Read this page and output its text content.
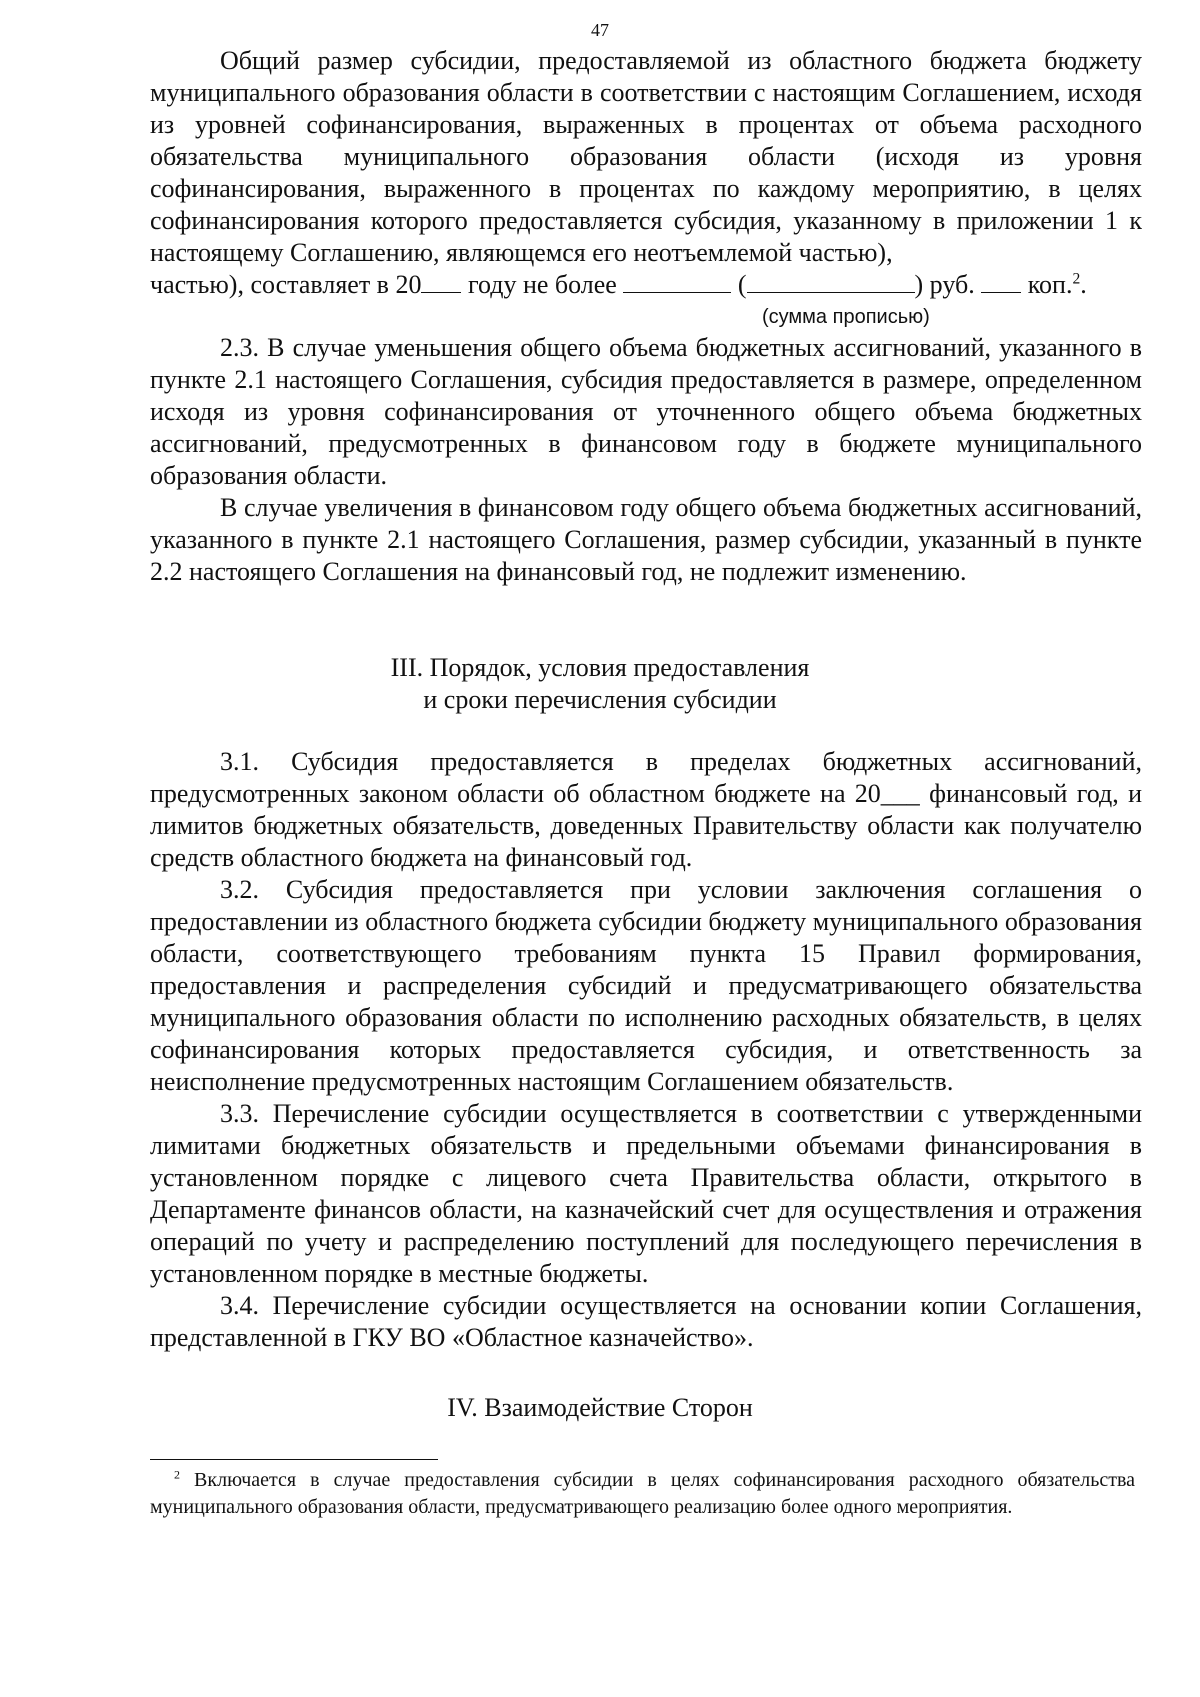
47

Общий размер субсидии, предоставляемой из областного бюджета бюджету муниципального образования области в соответствии с настоящим Соглашением, исходя из уровней софинансирования, выраженных в процентах от объема расходного обязательства муниципального образования области (исходя из уровня софинансирования, выраженного в процентах по каждому мероприятию, в целях софинансирования которого предоставляется субсидия, указанному в приложении 1 к настоящему Соглашению, являющемся его неотъемлемой частью),

частью), составляет в 20 году не более	(	) руб.  коп.$^2$.
(сумма прописью)

2.3. В случае уменьшения общего объема бюджетных ассигнований, указанного в пункте 2.1 настоящего Соглашения, субсидия предоставляется в размере, определенном исходя из уровня софинансирования от уточненного общего объема бюджетных ассигнований, предусмотренных в финансовом году в бюджете муниципального образования области.

В случае увеличения в финансовом году общего объема бюджетных ассигнований, указанного в пункте 2.1 настоящего Соглашения, размер субсидии, указанный в пункте 2.2 настоящего Соглашения на финансовый год, не подлежит изменению.

III. Порядок, условия предоставления
и сроки перечисления субсидии

3.1. Субсидия предоставляется в пределах бюджетных ассигнований, предусмотренных законом области об областном бюджете на 20___ финансовый год, и лимитов бюджетных обязательств, доведенных Правительству области как получателю средств областного бюджета на финансовый год.

3.2. Субсидия предоставляется при условии заключения соглашения о предоставлении из областного бюджета субсидии бюджету муниципального образования области, соответствующего требованиям пункта 15 Правил формирования, предоставления и распределения субсидий и предусматривающего обязательства муниципального образования области по исполнению расходных обязательств, в целях софинансирования которых предоставляется субсидия, и ответственность за неисполнение предусмотренных настоящим Соглашением обязательств.

3.3. Перечисление субсидии осуществляется в соответствии с утвержденными лимитами бюджетных обязательств и предельными объемами финансирования в установленном порядке с лицевого счета Правительства области, открытого в Департаменте финансов области, на казначейский счет для осуществления и отражения операций по учету и распределению поступлений для последующего перечисления в установленном порядке в местные бюджеты.

3.4. Перечисление субсидии осуществляется на основании копии Соглашения, представленной в ГКУ ВО «Областное казначейство».

IV. Взаимодействие Сторон

$^2$ Включается в случае предоставления субсидии в целях софинансирования расходного обязательства муниципального образования области, предусматривающего реализацию более одного мероприятия.
